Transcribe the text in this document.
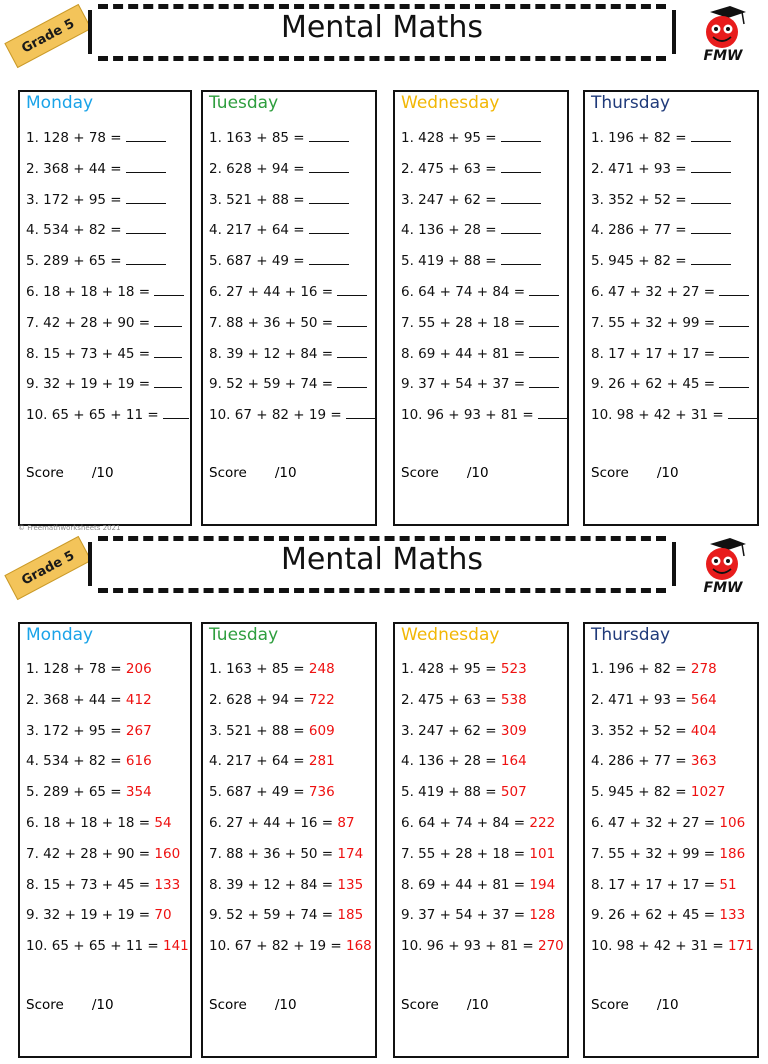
Grade 5	Mental Maths
FMW
Monday
1. 128 + 78 =
2. 368 + 44 =
3. 172 + 95 =
4. 534 + 82 =
5. 289 + 65 =
6. 18 + 18 + 18 =
7. 42 + 28 + 90 =
8. 15 + 73 + 45 =
9. 32 + 19 + 19 =
10. 65 + 65 + 11 =
Score /10
Tuesday
1. 163 + 85 =
2. 628 + 94 =
3. 521 + 88 =
4. 217 + 64 =
5. 687 + 49 =
6. 27 + 44 + 16 =
7. 88 + 36 + 50 =
8. 39 + 12 + 84 =
9. 52 + 59 + 74 =
10. 67 + 82 + 19 =
Score /10
Wednesday
1. 428 + 95 =
2. 475 + 63 =
3. 247 + 62 =
4. 136 + 28 =
5. 419 + 88 =
6. 64 + 74 + 84 =
7. 55 + 28 + 18 =
8. 69 + 44 + 81 =
9. 37 + 54 + 37 =
10. 96 + 93 + 81 =
Score /10
Thursday
1. 196 + 82 =
2. 471 + 93 =
3. 352 + 52 =
4. 286 + 77 =
5. 945 + 82 =
6. 47 + 32 + 27 =
7. 55 + 32 + 99 =
8. 17 + 17 + 17 =
9. 26 + 62 + 45 =
10. 98 + 42 + 31 =
Score /10
© Freemathworksheets 2021
Grade 5	Mental Maths
FMW
Monday
1. 128 + 78 = 206
2. 368 + 44 = 412
3. 172 + 95 = 267
4. 534 + 82 = 616
5. 289 + 65 = 354
6. 18 + 18 + 18 = 54
7. 42 + 28 + 90 = 160
8. 15 + 73 + 45 = 133
9. 32 + 19 + 19 = 70
10. 65 + 65 + 11 = 141
Score /10
Tuesday
1. 163 + 85 = 248
2. 628 + 94 = 722
3. 521 + 88 = 609
4. 217 + 64 = 281
5. 687 + 49 = 736
6. 27 + 44 + 16 = 87
7. 88 + 36 + 50 = 174
8. 39 + 12 + 84 = 135
9. 52 + 59 + 74 = 185
10. 67 + 82 + 19 = 168
Score /10
Wednesday
1. 428 + 95 = 523
2. 475 + 63 = 538
3. 247 + 62 = 309
4. 136 + 28 = 164
5. 419 + 88 = 507
6. 64 + 74 + 84 = 222
7. 55 + 28 + 18 = 101
8. 69 + 44 + 81 = 194
9. 37 + 54 + 37 = 128
10. 96 + 93 + 81 = 270
Score /10
Thursday
1. 196 + 82 = 278
2. 471 + 93 = 564
3. 352 + 52 = 404
4. 286 + 77 = 363
5. 945 + 82 = 1027
6. 47 + 32 + 27 = 106
7. 55 + 32 + 99 = 186
8. 17 + 17 + 17 = 51
9. 26 + 62 + 45 = 133
10. 98 + 42 + 31 = 171
Score /10
